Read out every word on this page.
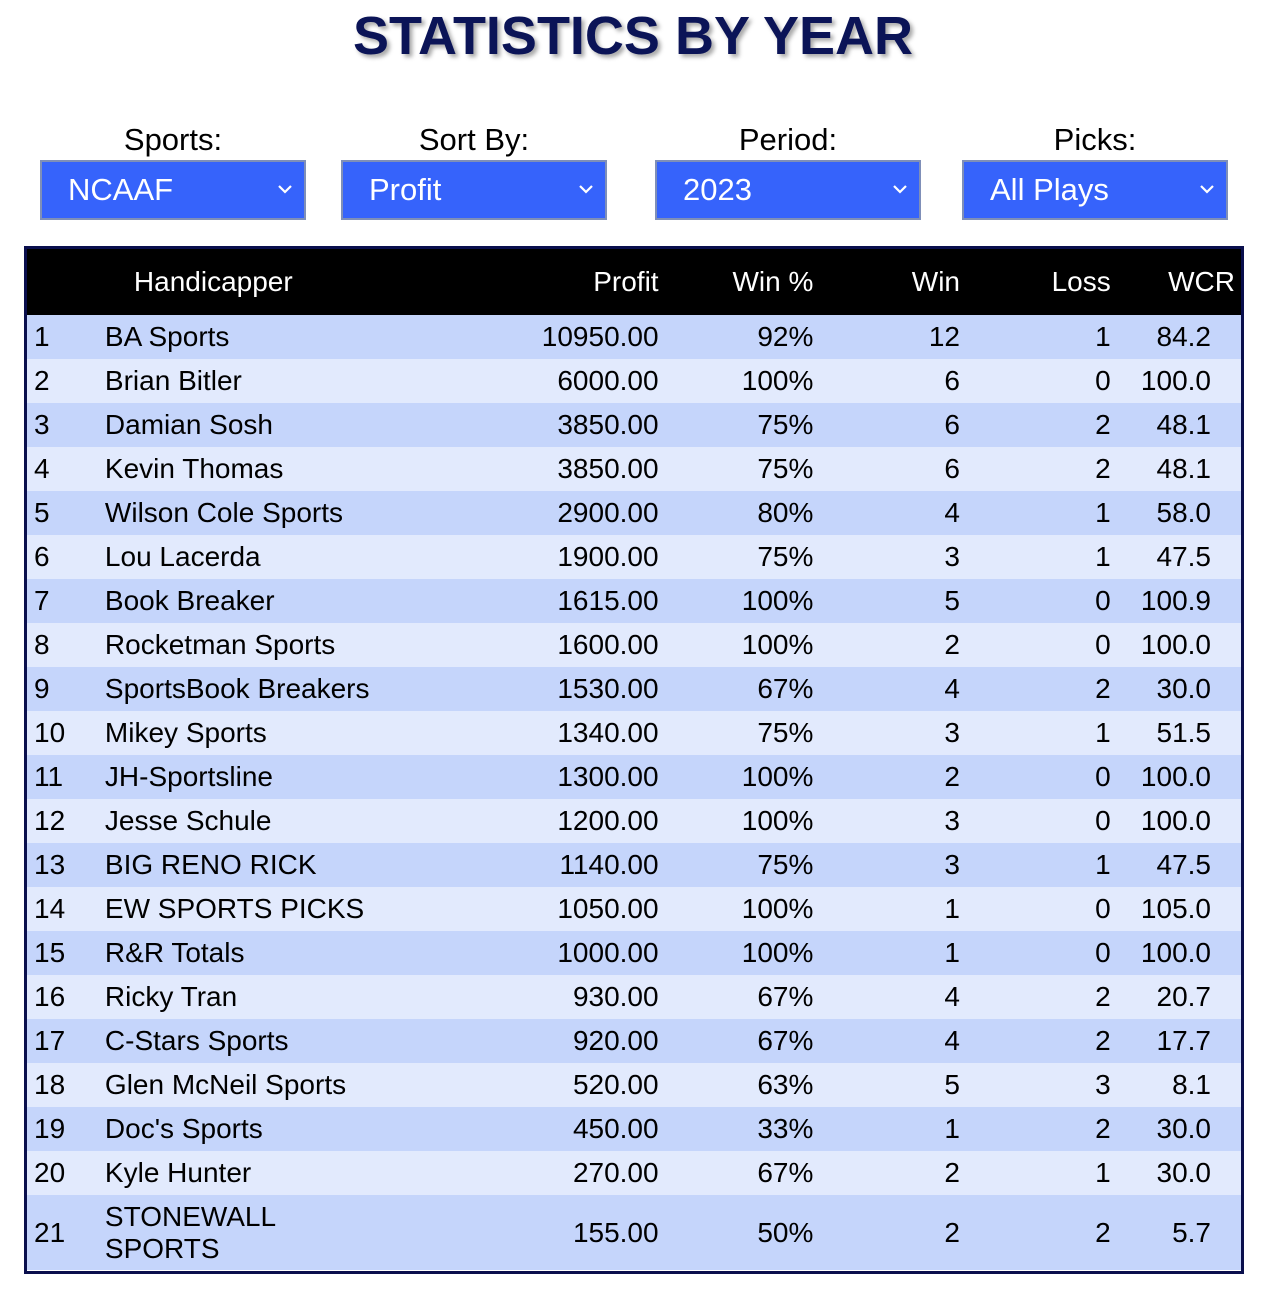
STATISTICS BY YEAR
Sports:
NCAAF
Sort By:
Profit
Period:
2023
Picks:
All Plays
	Handicapper	Profit	Win %	Win	Loss	WCR
1	BA Sports	10950.00	92%	12	1	84.2
2	Brian Bitler	6000.00	100%	6	0	100.0
3	Damian Sosh	3850.00	75%	6	2	48.1
4	Kevin Thomas	3850.00	75%	6	2	48.1
5	Wilson Cole Sports	2900.00	80%	4	1	58.0
6	Lou Lacerda	1900.00	75%	3	1	47.5
7	Book Breaker	1615.00	100%	5	0	100.9
8	Rocketman Sports	1600.00	100%	2	0	100.0
9	SportsBook Breakers	1530.00	67%	4	2	30.0
10	Mikey Sports	1340.00	75%	3	1	51.5
11	JH-Sportsline	1300.00	100%	2	0	100.0
12	Jesse Schule	1200.00	100%	3	0	100.0
13	BIG RENO RICK	1140.00	75%	3	1	47.5
14	EW SPORTS PICKS	1050.00	100%	1	0	105.0
15	R&R Totals	1000.00	100%	1	0	100.0
16	Ricky Tran	930.00	67%	4	2	20.7
17	C-Stars Sports	920.00	67%	4	2	17.7
18	Glen McNeil Sports	520.00	63%	5	3	8.1
19	Doc's Sports	450.00	33%	1	2	30.0
20	Kyle Hunter	270.00	67%	2	1	30.0
21	STONEWALL
SPORTS	155.00	50%	2	2	5.7
